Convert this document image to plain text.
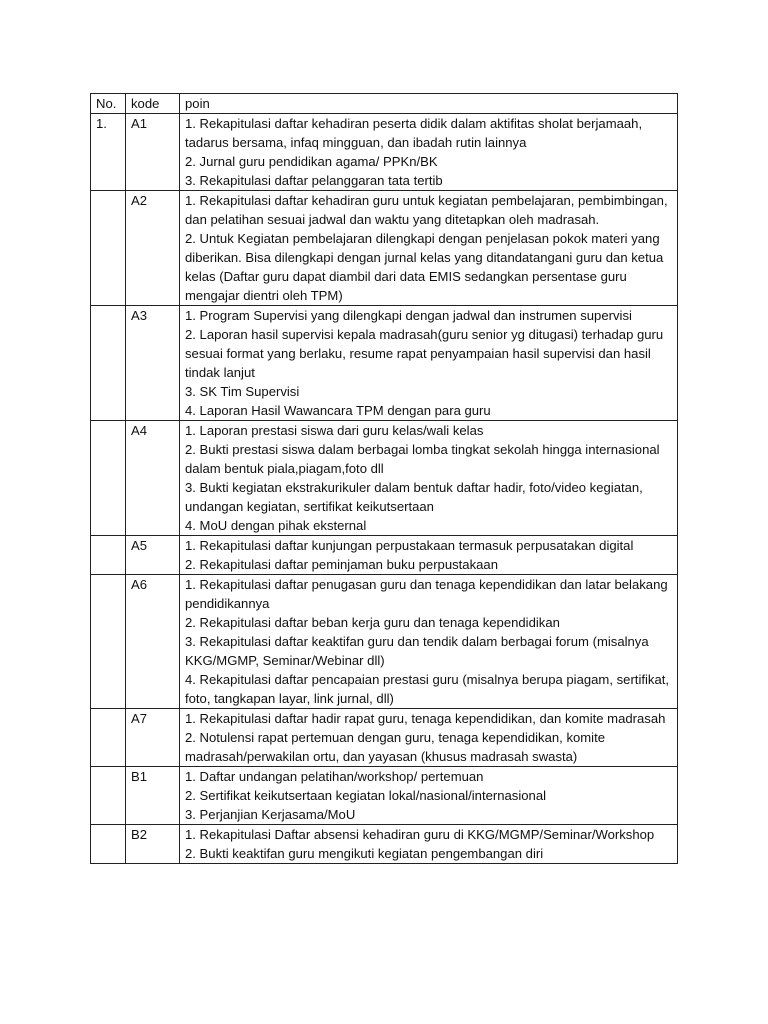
No.	kode	poin
1.	A1	1. Rekapitulasi daftar kehadiran peserta didik dalam aktifitas sholat berjamaah, tadarus bersama, infaq mingguan, dan ibadah rutin lainnya
2. Jurnal guru pendidikan agama/ PPKn/BK
3. Rekapitulasi daftar pelanggaran tata tertib

	A2	1. Rekapitulasi daftar kehadiran guru untuk kegiatan pembelajaran, pembimbingan, dan pelatihan sesuai jadwal dan waktu yang ditetapkan oleh madrasah.
2. Untuk Kegiatan pembelajaran dilengkapi dengan penjelasan pokok materi yang diberikan. Bisa dilengkapi dengan jurnal kelas yang ditandatangani guru dan ketua kelas (Daftar guru dapat diambil dari data EMIS sedangkan persentase guru mengajar dientri oleh TPM)

	A3	1. Program Supervisi yang dilengkapi dengan jadwal dan instrumen supervisi
2. Laporan hasil supervisi kepala madrasah(guru senior yg ditugasi) terhadap guru sesuai format yang berlaku, resume rapat penyampaian hasil supervisi dan hasil tindak lanjut
3. SK Tim Supervisi
4. Laporan Hasil Wawancara TPM dengan para guru

	A4	1. Laporan prestasi siswa dari guru kelas/wali kelas
2. Bukti prestasi siswa dalam berbagai lomba tingkat sekolah hingga internasional dalam bentuk piala,piagam,foto dll
3. Bukti kegiatan ekstrakurikuler dalam bentuk daftar hadir, foto/video kegiatan, undangan kegiatan, sertifikat keikutsertaan
4. MoU dengan pihak eksternal

	A5	1. Rekapitulasi daftar kunjungan perpustakaan termasuk perpusatakan digital
2. Rekapitulasi daftar peminjaman buku perpustakaan

	A6	1. Rekapitulasi daftar penugasan guru dan tenaga kependidikan dan latar belakang pendidikannya
2. Rekapitulasi daftar beban kerja guru dan tenaga kependidikan
3. Rekapitulasi daftar keaktifan guru dan tendik dalam berbagai forum (misalnya KKG/MGMP, Seminar/Webinar dll)
4. Rekapitulasi daftar pencapaian prestasi guru (misalnya berupa piagam, sertifikat, foto, tangkapan layar, link jurnal, dll)

	A7	1. Rekapitulasi daftar hadir rapat guru, tenaga kependidikan, dan komite madrasah
2. Notulensi rapat pertemuan dengan guru, tenaga kependidikan, komite madrasah/perwakilan ortu, dan yayasan (khusus madrasah swasta)

	B1	1. Daftar undangan pelatihan/workshop/ pertemuan
2. Sertifikat keikutsertaan kegiatan lokal/nasional/internasional
3. Perjanjian Kerjasama/MoU

	B2	1. Rekapitulasi Daftar absensi kehadiran guru di KKG/MGMP/Seminar/Workshop
2. Bukti keaktifan guru mengikuti kegiatan pengembangan diri
